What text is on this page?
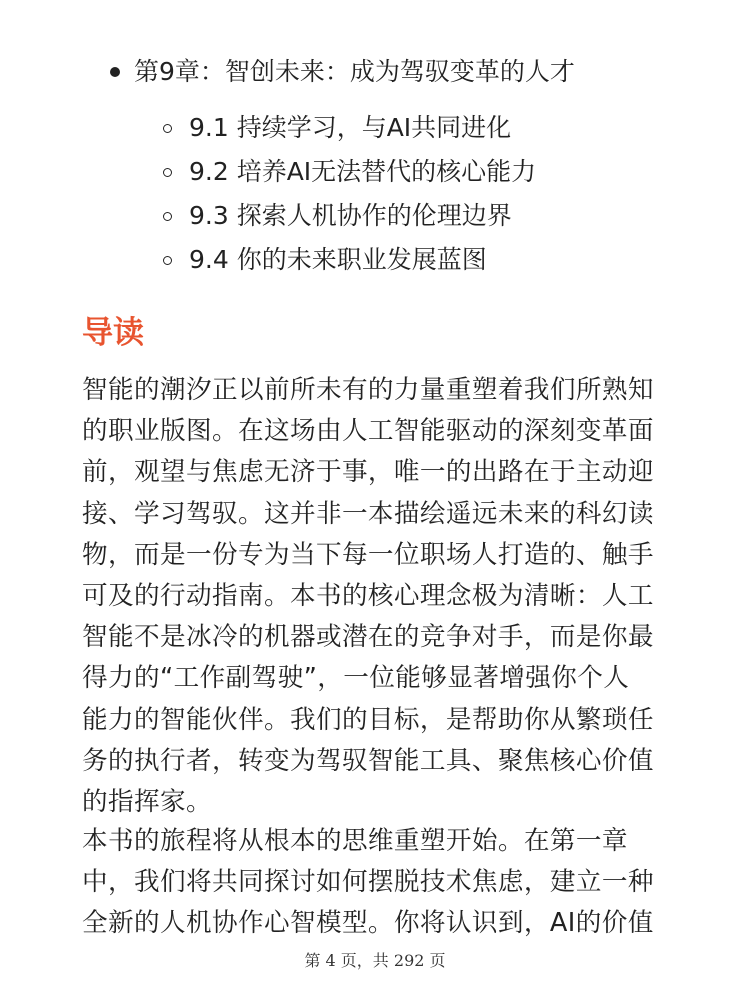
第9章：智创未来：成为驾驭变革的人才
9.1 持续学习，与AI共同进化
9.2 培养AI无法替代的核心能力
9.3 探索人机协作的伦理边界
9.4 你的未来职业发展蓝图
导读

智能的潮汐正以前所未有的力量重塑着我们所熟知
的职业版图。在这场由人工智能驱动的深刻变革面
前，观望与焦虑无济于事，唯一的出路在于主动迎
接、学习驾驭。这并非一本描绘遥远未来的科幻读
物，而是一份专为当下每一位职场人打造的、触手
可及的行动指南。本书的核心理念极为清晰：人工
智能不是冰冷的机器或潜在的竞争对手，而是你最
得力的“工作副驾驶”，一位能够显著增强你个人
能力的智能伙伴。我们的目标，是帮助你从繁琐任
务的执行者，转变为驾驭智能工具、聚焦核心价值
的指挥家。

本书的旅程将从根本的思维重塑开始。在第一章
中，我们将共同探讨如何摆脱技术焦虑，建立一种
全新的人机协作心智模型。你将认识到，AI的价值

第 4 页，共 292 页
